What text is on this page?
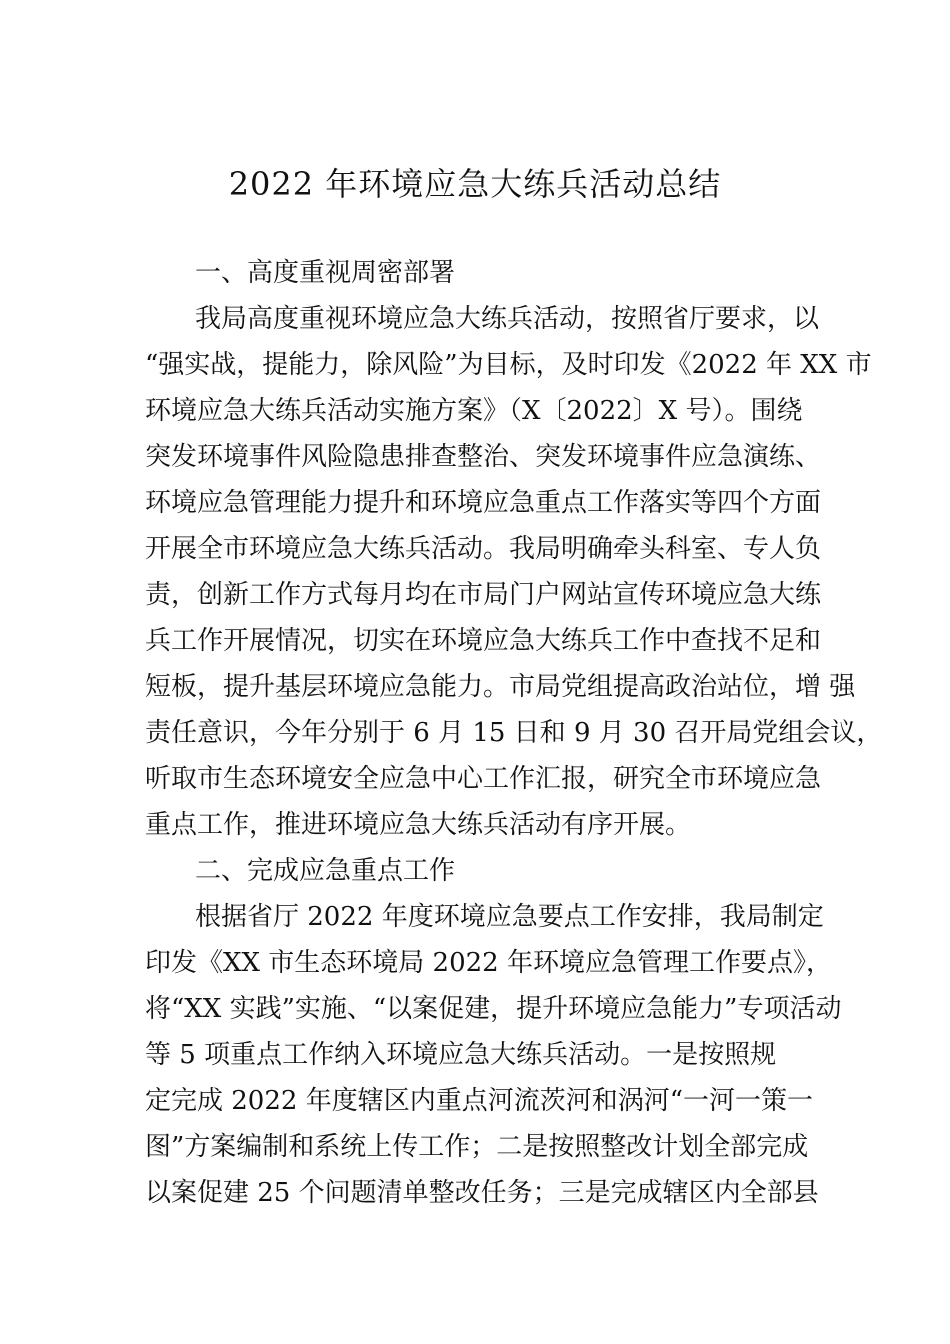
2022 年环境应急大练兵活动总结

一、高度重视周密部署

我局高度重视环境应急大练兵活动，按照省厅要求，以

“强实战，提能力，除风险”为目标，及时印发《2022 年 XX 市

环境应急大练兵活动实施方案》（X〔2022〕X 号）。围绕

突发环境事件风险隐患排查整治、突发环境事件应急演练、

环境应急管理能力提升和环境应急重点工作落实等四个方面

开展全市环境应急大练兵活动。我局明确牵头科室、专人负

责，创新工作方式每月均在市局门户网站宣传环境应急大练

兵工作开展情况，切实在环境应急大练兵工作中查找不足和

短板，提升基层环境应急能力。市局党组提高政治站位，增 强

责任意识，今年分别于 6 月 15 日和 9 月 30 召开局党组会议，

听取市生态环境安全应急中心工作汇报，研究全市环境应急

重点工作，推进环境应急大练兵活动有序开展。

二、完成应急重点工作

根据省厅 2022 年度环境应急要点工作安排，我局制定

印发《XX 市生态环境局 2022 年环境应急管理工作要点》，

将“XX 实践”实施、“以案促建，提升环境应急能力”专项活动

等 5 项重点工作纳入环境应急大练兵活动。一是按照规

定完成 2022 年度辖区内重点河流茨河和涡河“一河一策一

图”方案编制和系统上传工作；二是按照整改计划全部完成

以案促建 25 个问题清单整改任务；三是完成辖区内全部县
